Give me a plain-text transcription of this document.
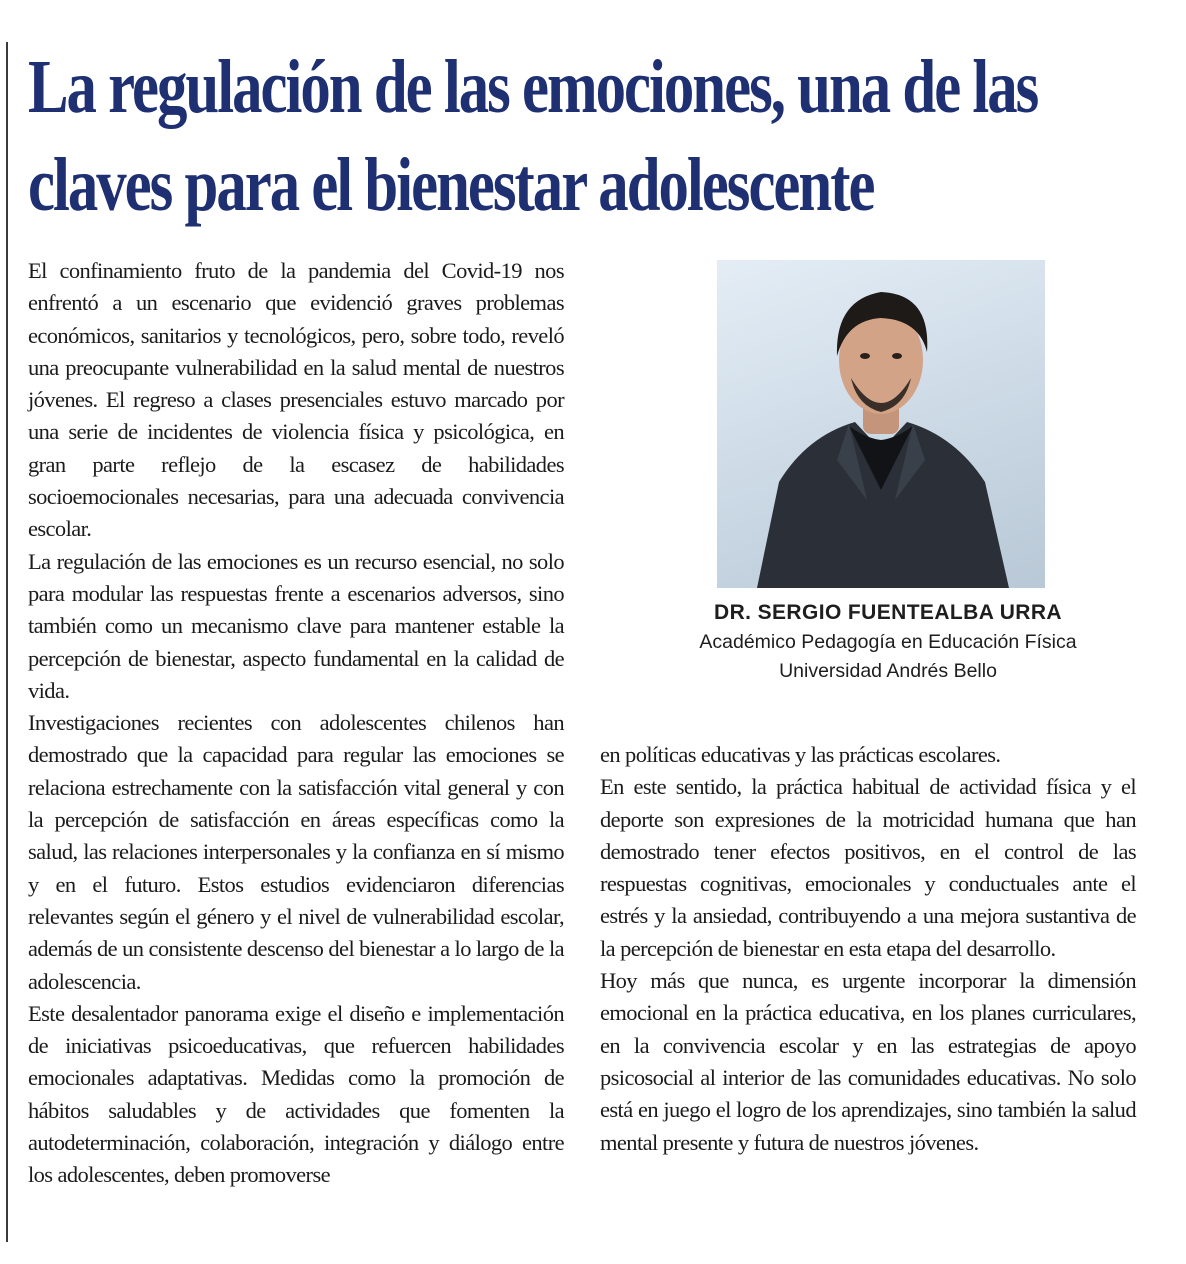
La regulación de las emociones, una de las claves para el bienestar adolescente

El confinamiento fruto de la pandemia del Covid-19 nos enfrentó a un escenario que evidenció graves problemas económicos, sanitarios y tecnológicos, pero, sobre todo, reveló una preocupante vulnerabilidad en la salud mental de nuestros jóvenes. El regreso a clases presenciales estuvo marcado por una serie de incidentes de violencia física y psicológica, en gran parte reflejo de la escasez de habilidades socioemocionales necesarias, para una adecuada convivencia escolar.

La regulación de las emociones es un recurso esencial, no solo para modular las respuestas frente a escenarios adversos, sino también como un mecanismo clave para mantener estable la percepción de bienestar, aspecto fundamental en la calidad de vida.

Investigaciones recientes con adolescentes chilenos han demostrado que la capacidad para regular las emociones se relaciona estrechamente con la satisfacción vital general y con la percepción de satisfacción en áreas específicas como la salud, las relaciones interpersonales y la confianza en sí mismo y en el futuro. Estos estudios evidenciaron diferencias relevantes según el género y el nivel de vulnerabilidad escolar, además de un consistente descenso del bienestar a lo largo de la adolescencia.

Este desalentador panorama exige el diseño e implementación de iniciativas psicoeducativas, que refuercen habilidades emocionales adaptativas. Medidas como la promoción de hábitos saludables y de actividades que fomenten la autodeterminación, colaboración, integración y diálogo entre los adolescentes, deben promoverse

DR. SERGIO FUENTEALBA URRA
Académico Pedagogía en Educación Física
Universidad Andrés Bello

en políticas educativas y las prácticas escolares.

En este sentido, la práctica habitual de actividad física y el deporte son expresiones de la motricidad humana que han demostrado tener efectos positivos, en el control de las respuestas cognitivas, emocionales y conductuales ante el estrés y la ansiedad, contribuyendo a una mejora sustantiva de la percepción de bienestar en esta etapa del desarrollo.

Hoy más que nunca, es urgente incorporar la dimensión emocional en la práctica educativa, en los planes curriculares, en la convivencia escolar y en las estrategias de apoyo psicosocial al interior de las comunidades educativas. No solo está en juego el logro de los aprendizajes, sino también la salud mental presente y futura de nuestros jóvenes.
